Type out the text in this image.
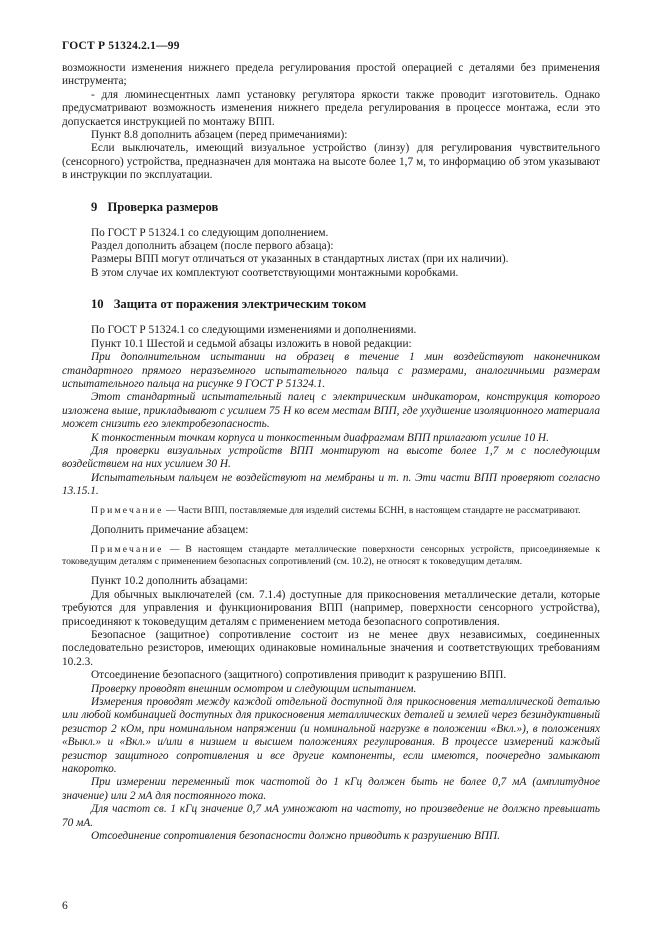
ГОСТ Р 51324.2.1—99

возможности изменения нижнего предела регулирования простой операцией с деталями без применения инструмента;

- для люминесцентных ламп установку регулятора яркости также проводит изготовитель. Однако предусматривают возможность изменения нижнего предела регулирования в процессе монтажа, если это допускается инструкцией по монтажу ВПП.

Пункт 8.8 дополнить абзацем (перед примечаниями):

Если выключатель, имеющий визуальное устройство (линзу) для регулирования чувствительного (сенсорного) устройства, предназначен для монтажа на высоте более 1,7 м, то информацию об этом указывают в инструкции по эксплуатации.

9 Проверка размеров

По ГОСТ Р 51324.1 со следующим дополнением.

Раздел дополнить абзацем (после первого абзаца):

Размеры ВПП могут отличаться от указанных в стандартных листах (при их наличии).

В этом случае их комплектуют соответствующими монтажными коробками.

10 Защита от поражения электрическим током

По ГОСТ Р 51324.1 со следующими изменениями и дополнениями.

Пункт 10.1 Шестой и седьмой абзацы изложить в новой редакции:

При дополнительном испытании на образец в течение 1 мин воздействуют наконечником стандартного прямого неразъемного испытательного пальца с размерами, аналогичными размерам испытательного пальца на рисунке 9 ГОСТ Р 51324.1.

Этот стандартный испытательный палец с электрическим индикатором, конструкция которого изложена выше, прикладывают с усилием 75 Н ко всем местам ВПП, где ухудшение изоляционного материала может снизить его электробезопасность.

К тонкостенным точкам корпуса и тонкостенным диафрагмам ВПП прилагают усилие 10 Н.

Для проверки визуальных устройств ВПП монтируют на высоте более 1,7 м с последующим воздействием на них усилием 30 Н.

Испытательным пальцем не воздействуют на мембраны и т. п. Эти части ВПП проверяют согласно 13.15.1.

Примечание — Части ВПП, поставляемые для изделий системы БСНН, в настоящем стандарте не рассматривают.

Дополнить примечание абзацем:

Примечание — В настоящем стандарте металлические поверхности сенсорных устройств, присоединяемые к токоведущим деталям с применением безопасных сопротивлений (см. 10.2), не относят к токоведущим деталям.

Пункт 10.2 дополнить абзацами:

Для обычных выключателей (см. 7.1.4) доступные для прикосновения металлические детали, которые требуются для управления и функционирования ВПП (например, поверхности сенсорного устройства), присоединяют к токоведущим деталям с применением метода безопасного сопротивления.

Безопасное (защитное) сопротивление состоит из не менее двух независимых, соединенных последовательно резисторов, имеющих одинаковые номинальные значения и соответствующих требованиям 10.2.3.

Отсоединение безопасного (защитного) сопротивления приводит к разрушению ВПП.

Проверку проводят внешним осмотром и следующим испытанием.

Измерения проводят между каждой отдельной доступной для прикосновения металлической деталью или любой комбинацией доступных для прикосновения металлических деталей и землей через безиндуктивный резистор 2 кОм, при номинальном напряжении (и номинальной нагрузке в положении «Вкл.»), в положениях «Выкл.» и «Вкл.» и/или в низшем и высшем положениях регулирования. В процессе измерений каждый резистор защитного сопротивления и все другие компоненты, если имеются, поочередно замыкают накоротко.

При измерении переменный ток частотой до 1 кГц должен быть не более 0,7 мА (амплитудное значение) или 2 мА для постоянного тока.

Для частот св. 1 кГц значение 0,7 мА умножают на частоту, но произведение не должно превышать 70 мА.

Отсоединение сопротивления безопасности должно приводить к разрушению ВПП.

6
